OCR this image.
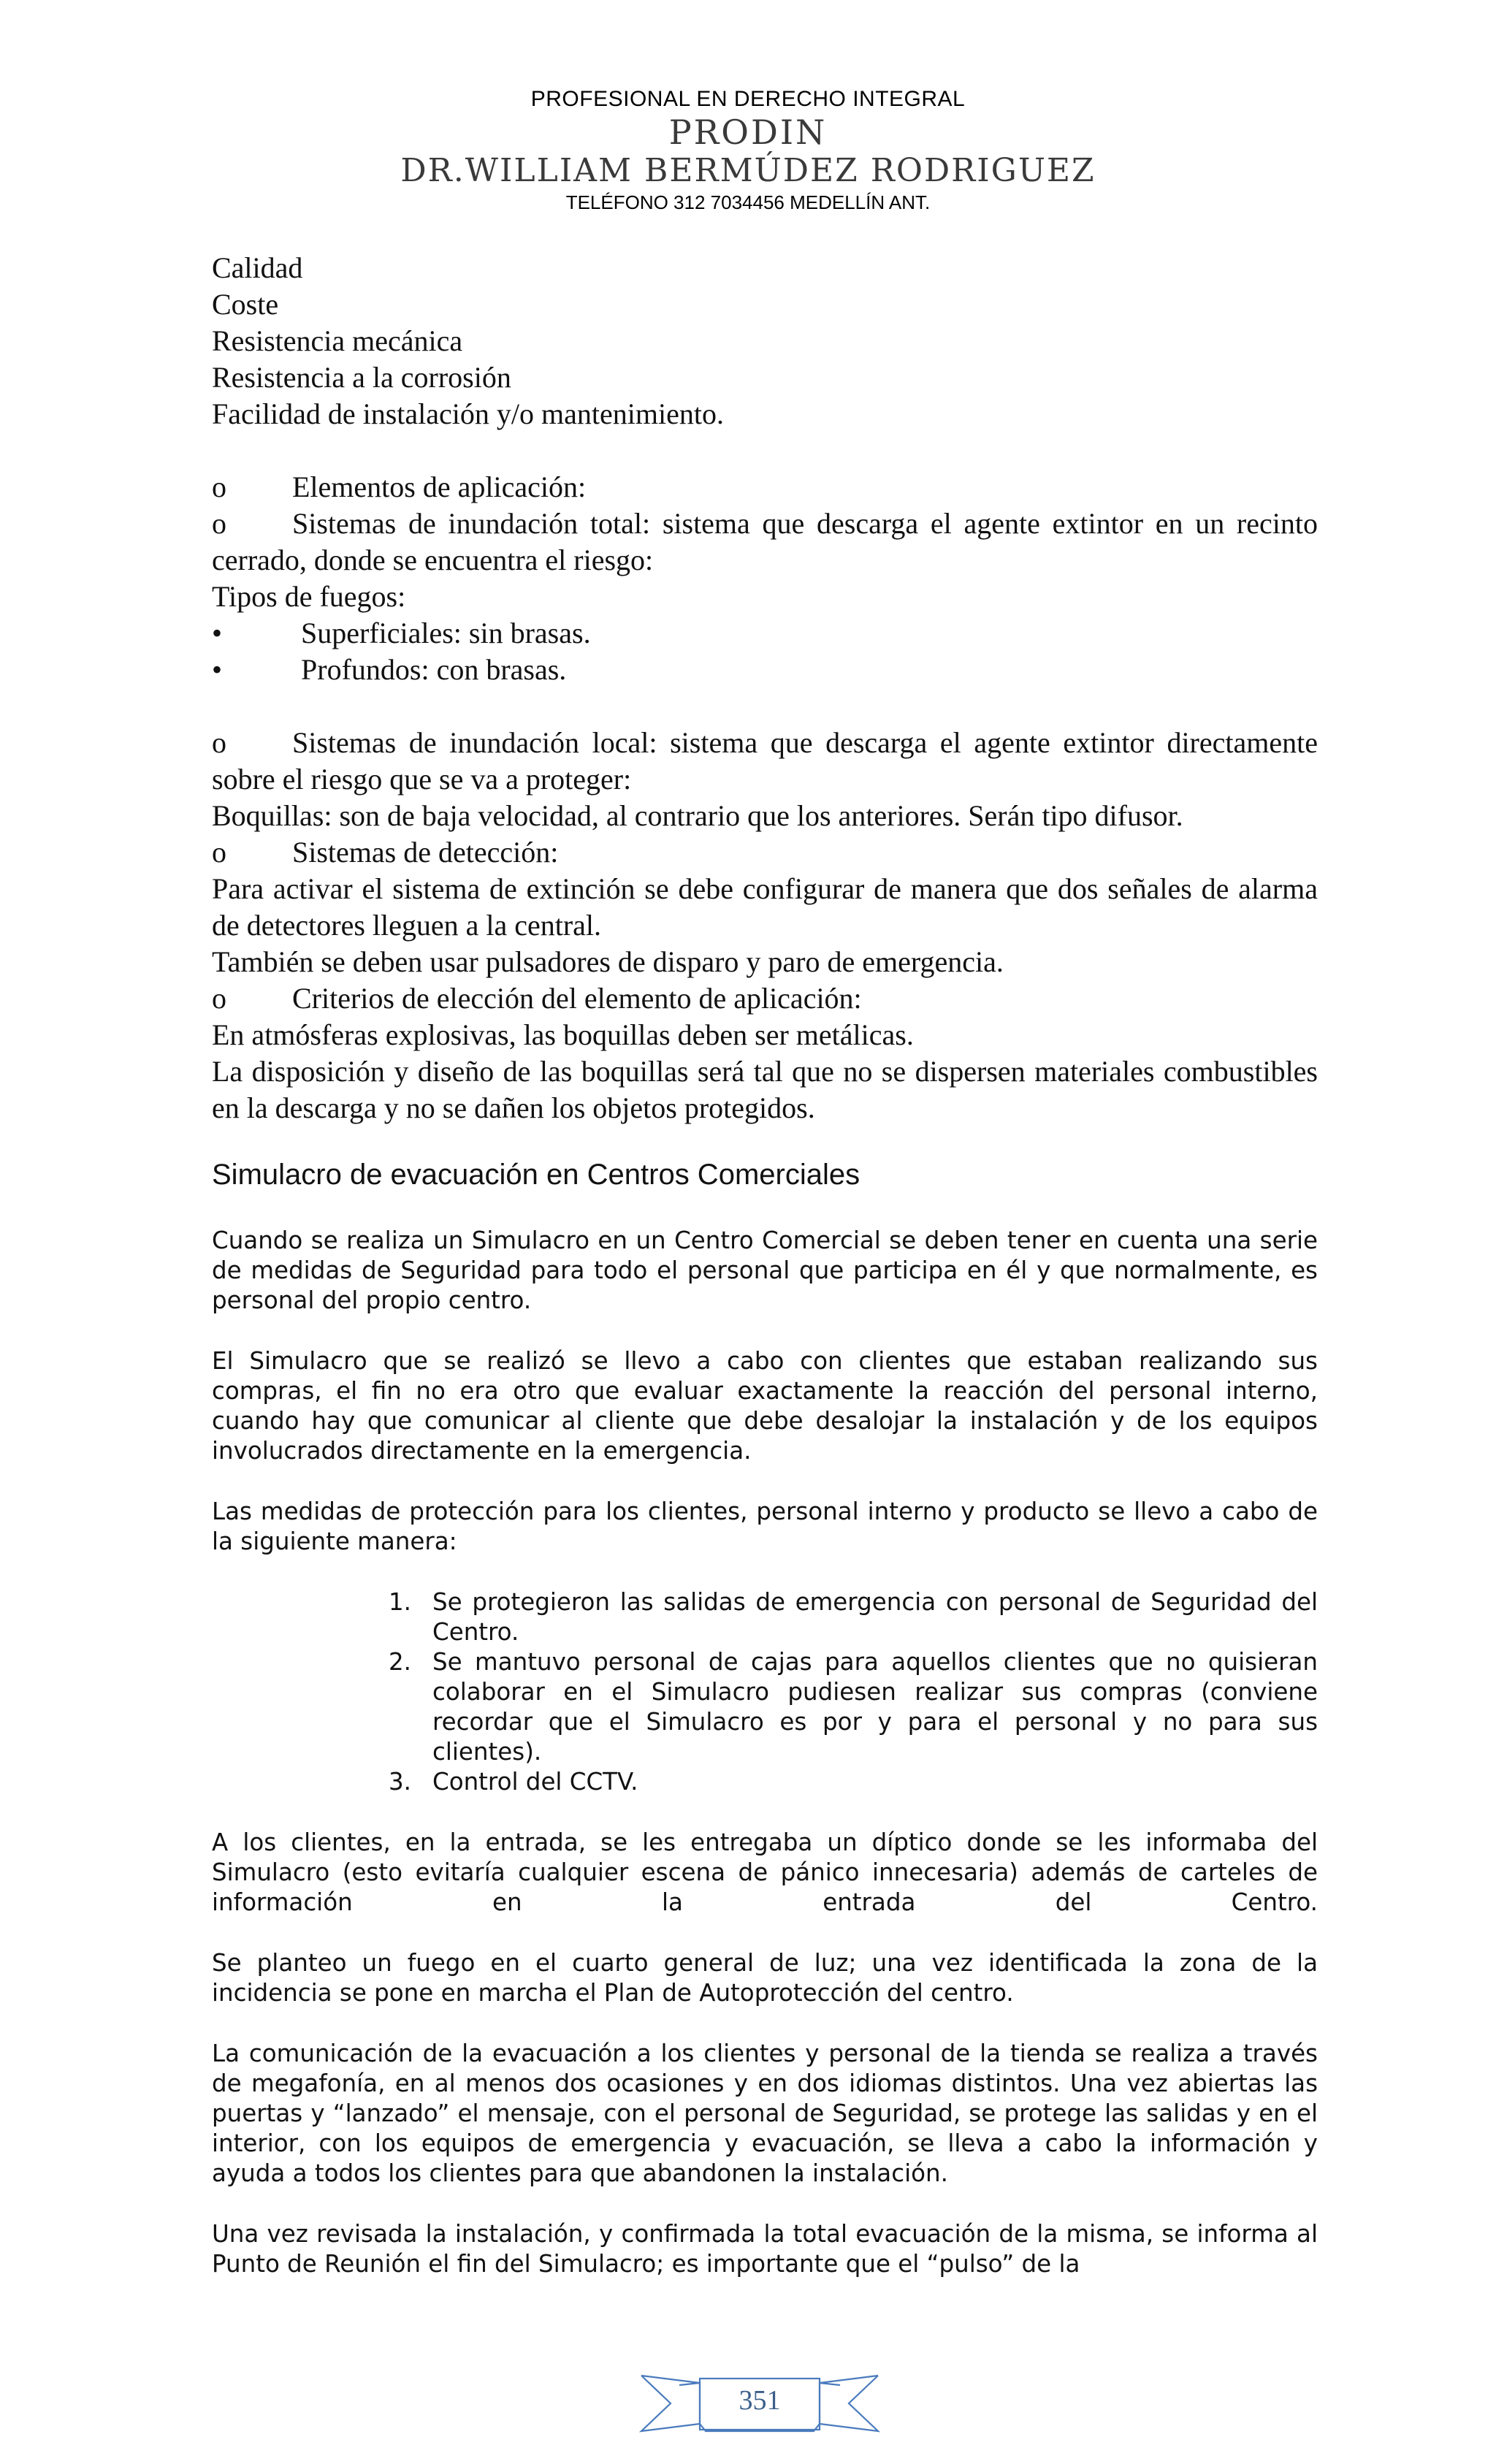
PROFESIONAL EN DERECHO INTEGRAL
PRODIN
DR.WILLIAM BERMÚDEZ RODRIGUEZ
TELÉFONO 312 7034456 MEDELLÍN ANT.
Calidad
Coste
Resistencia mecánica
Resistencia a la corrosión
Facilidad de instalación y/o mantenimiento.
o Elementos de aplicación:

o Sistemas de inundación total: sistema que descarga el agente extintor en un recinto cerrado, donde se encuentra el riesgo:

Tipos de fuegos:
•	Superficiales: sin brasas.
•	Profundos: con brasas.

o Sistemas de inundación local: sistema que descarga el agente extintor directamente sobre el riesgo que se va a proteger:

Boquillas: son de baja velocidad, al contrario que los anteriores. Serán tipo difusor.

o Sistemas de detección:

Para activar el sistema de extinción se debe configurar de manera que dos señales de alarma de detectores lleguen a la central.

También se deben usar pulsadores de disparo y paro de emergencia.

o Criterios de elección del elemento de aplicación:

En atmósferas explosivas, las boquillas deben ser metálicas.

La disposición y diseño de las boquillas será tal que no se dispersen materiales combustibles en la descarga y no se dañen los objetos protegidos.

Simulacro de evacuación en Centros Comerciales

Cuando se realiza un Simulacro en un Centro Comercial se deben tener en cuenta una serie de medidas de Seguridad para todo el personal que participa en él y que normalmente, es personal del propio centro.

El Simulacro que se realizó se llevo a cabo con clientes que estaban realizando sus compras, el fin no era otro que evaluar exactamente la reacción del personal interno, cuando hay que comunicar al cliente que debe desalojar la instalación y de los equipos involucrados directamente en la emergencia.

Las medidas de protección para los clientes, personal interno y producto se llevo a cabo de la siguiente manera:

1. Se protegieron las salidas de emergencia con personal de Seguridad del Centro.
2. Se mantuvo personal de cajas para aquellos clientes que no quisieran colaborar en el Simulacro pudiesen realizar sus compras (conviene recordar que el Simulacro es por y para el personal y no para sus clientes).
3. Control del CCTV.

A los clientes, en la entrada, se les entregaba un díptico donde se les informaba del Simulacro (esto evitaría cualquier escena de pánico innecesaria) además de carteles de información en la entrada del Centro.

Se planteo un fuego en el cuarto general de luz; una vez identificada la zona de la incidencia se pone en marcha el Plan de Autoprotección del centro.

La comunicación de la evacuación a los clientes y personal de la tienda se realiza a través de megafonía, en al menos dos ocasiones y en dos idiomas distintos. Una vez abiertas las puertas y “lanzado” el mensaje, con el personal de Seguridad, se protege las salidas y en el interior, con los equipos de emergencia y evacuación, se lleva a cabo la información y ayuda a todos los clientes para que abandonen la instalación.

Una vez revisada la instalación, y confirmada la total evacuación de la misma, se informa al Punto de Reunión el fin del Simulacro; es importante que el “pulso” de la

351
